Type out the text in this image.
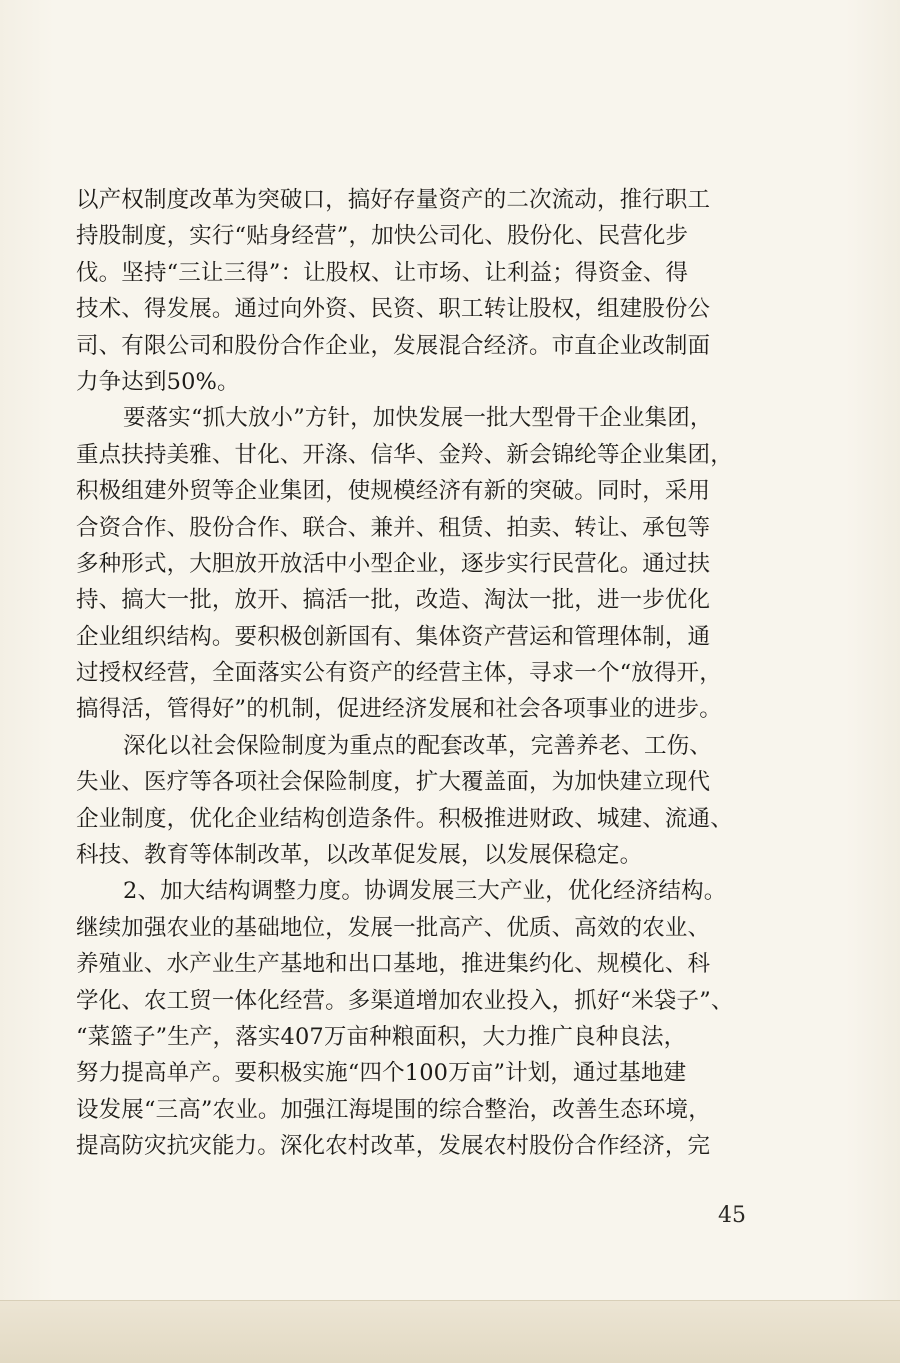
以产权制度改革为突破口，搞好存量资产的二次流动，推行职工
持股制度，实行“贴身经营”，加快公司化、股份化、民营化步
伐。坚持“三让三得”：让股权、让市场、让利益；得资金、得
技术、得发展。通过向外资、民资、职工转让股权，组建股份公
司、有限公司和股份合作企业，发展混合经济。市直企业改制面
力争达到50%。
要落实“抓大放小”方针，加快发展一批大型骨干企业集团，
重点扶持美雅、甘化、开涤、信华、金羚、新会锦纶等企业集团，
积极组建外贸等企业集团，使规模经济有新的突破。同时，采用
合资合作、股份合作、联合、兼并、租赁、拍卖、转让、承包等
多种形式，大胆放开放活中小型企业，逐步实行民营化。通过扶
持、搞大一批，放开、搞活一批，改造、淘汰一批，进一步优化
企业组织结构。要积极创新国有、集体资产营运和管理体制，通
过授权经营，全面落实公有资产的经营主体，寻求一个“放得开，
搞得活，管得好”的机制，促进经济发展和社会各项事业的进步。
深化以社会保险制度为重点的配套改革，完善养老、工伤、
失业、医疗等各项社会保险制度，扩大覆盖面，为加快建立现代
企业制度，优化企业结构创造条件。积极推进财政、城建、流通、
科技、教育等体制改革，以改革促发展，以发展保稳定。
2、加大结构调整力度。协调发展三大产业，优化经济结构。
继续加强农业的基础地位，发展一批高产、优质、高效的农业、
养殖业、水产业生产基地和出口基地，推进集约化、规模化、科
学化、农工贸一体化经营。多渠道增加农业投入，抓好“米袋子”、
“菜篮子”生产，落实407万亩种粮面积，大力推广良种良法，
努力提高单产。要积极实施“四个100万亩”计划，通过基地建
设发展“三高”农业。加强江海堤围的综合整治，改善生态环境，
提高防灾抗灾能力。深化农村改革，发展农村股份合作经济，完
45
